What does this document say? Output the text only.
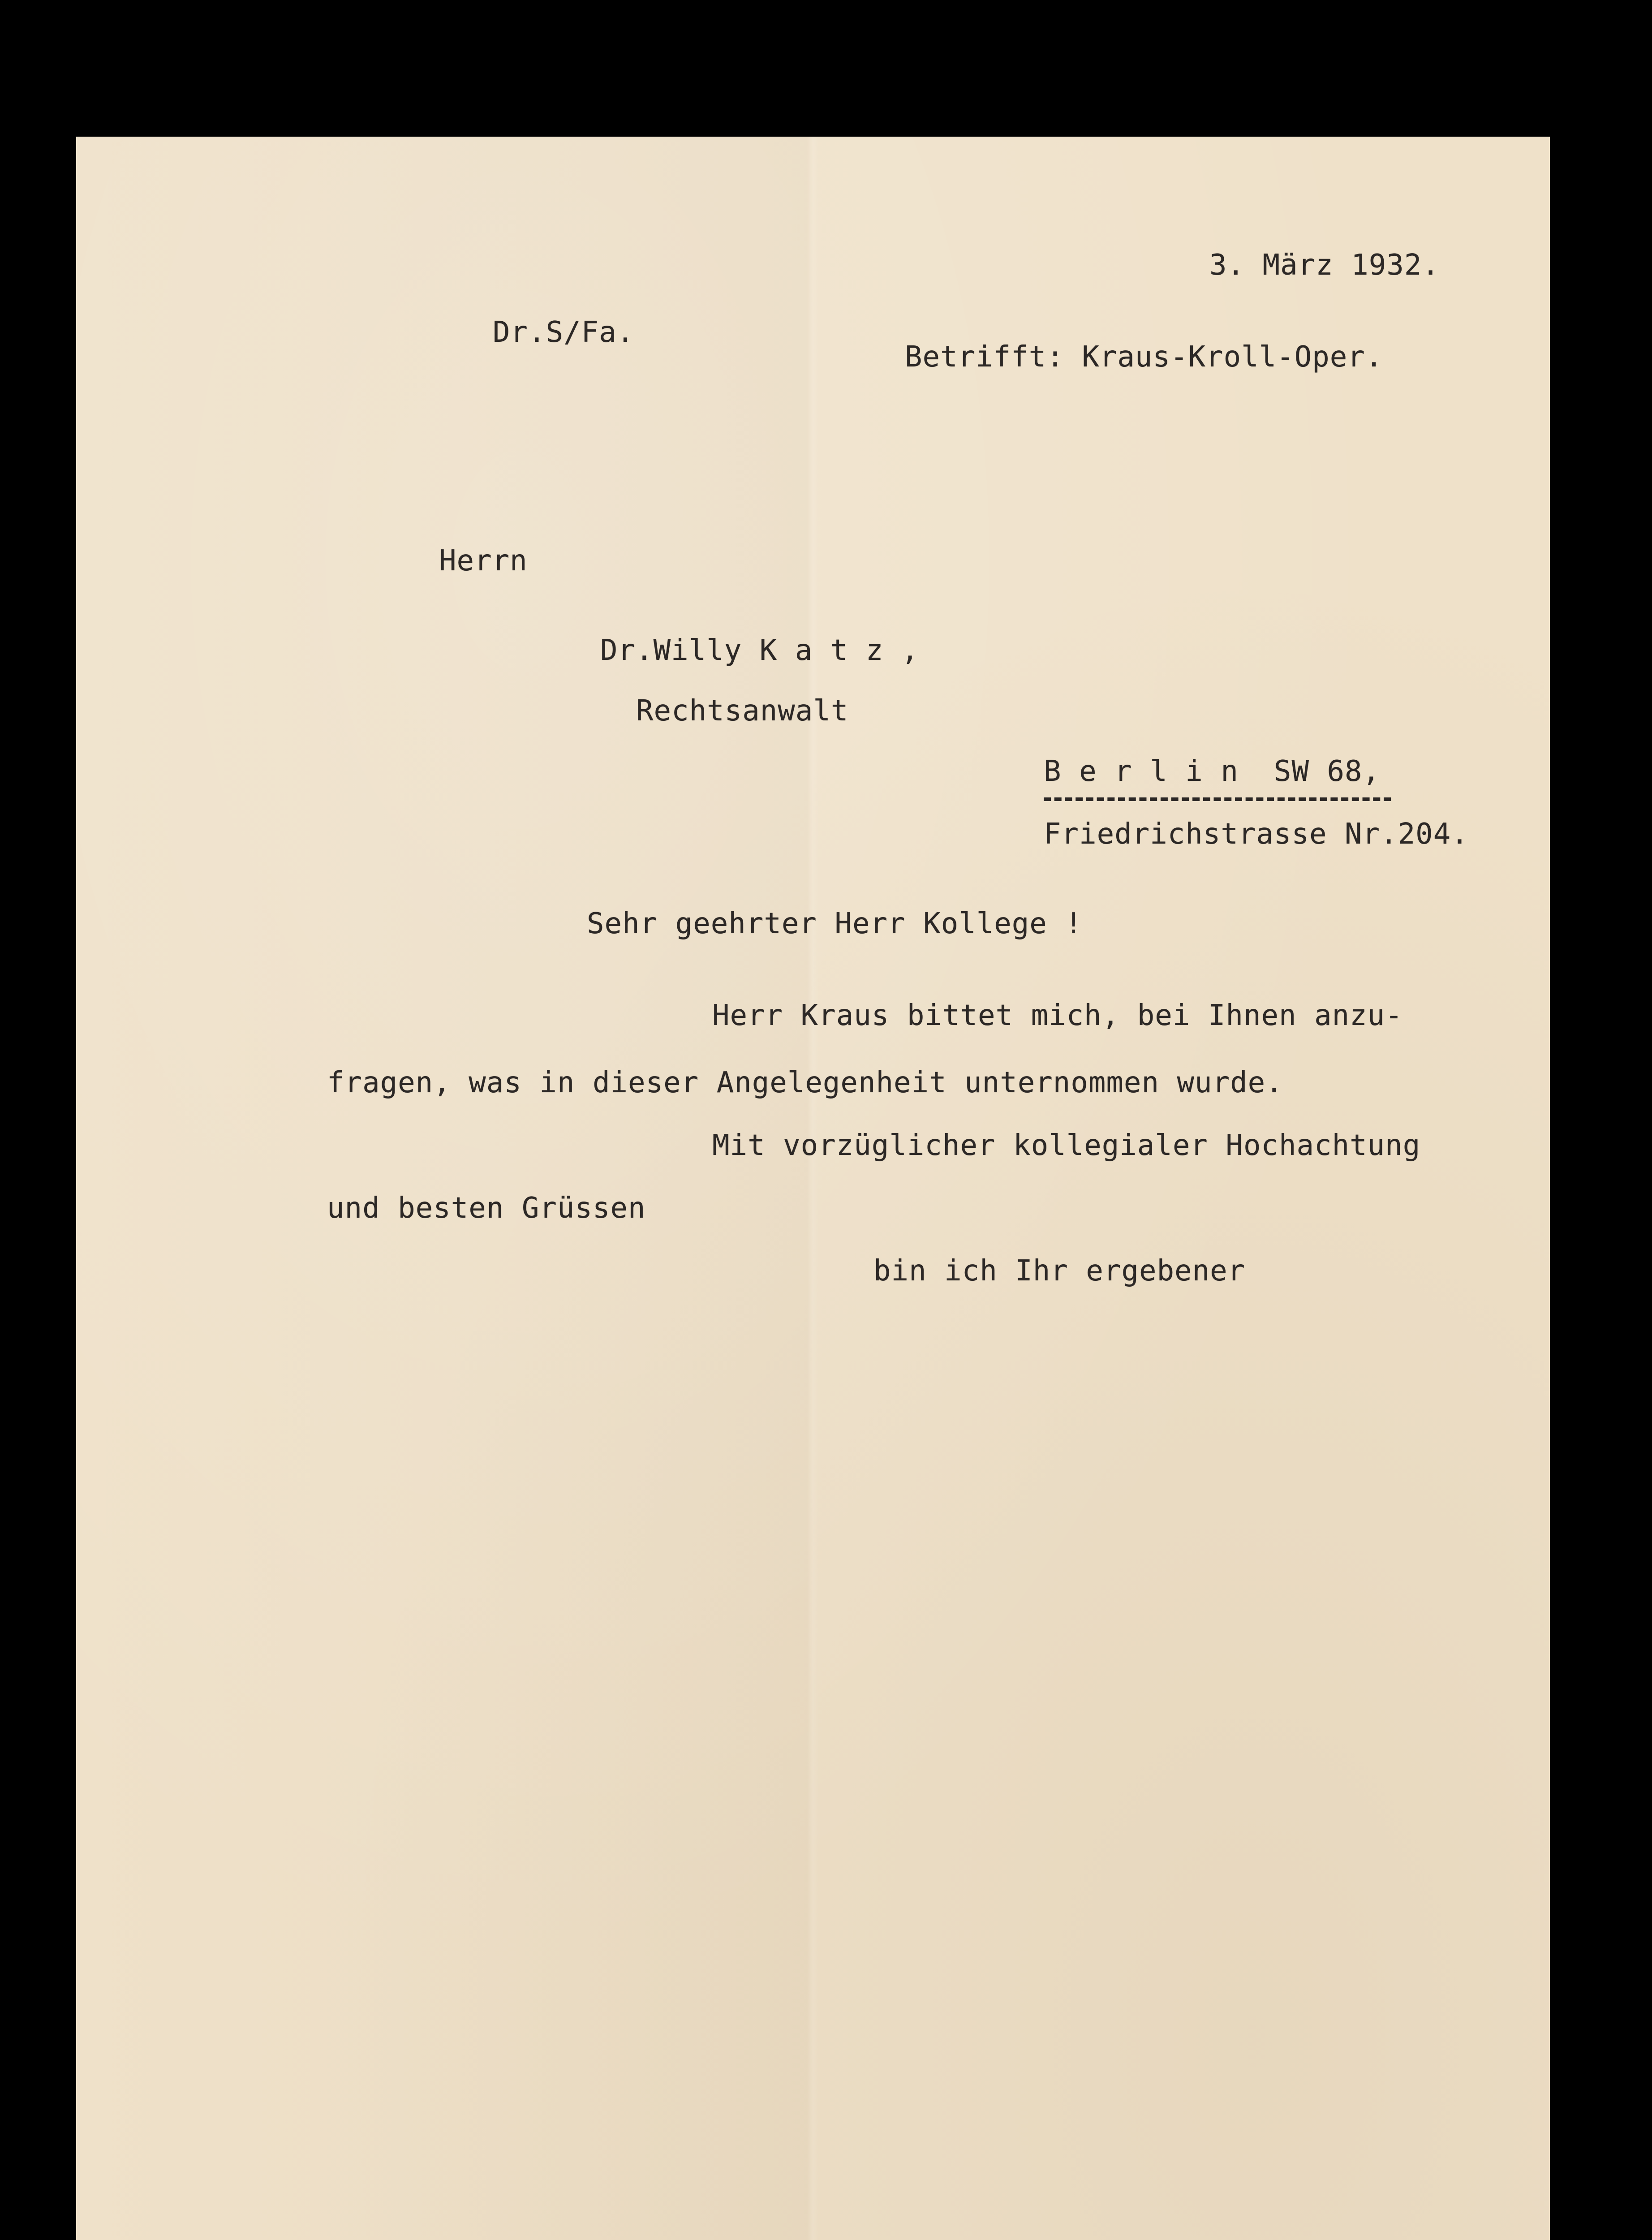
3. März 1932.

Dr.S/Fa.

Betrifft: Kraus-Kroll-Oper.

Herrn

Dr.Willy K a t z ,

Rechtsanwalt

B e r l i n  SW 68,

Friedrichstrasse Nr.204.

Sehr geehrter Herr Kollege !

Herr Kraus bittet mich, bei Ihnen anzu-

fragen, was in dieser Angelegenheit unternommen wurde.

Mit vorzüglicher kollegialer Hochachtung

und besten Grüssen

bin ich Ihr ergebener
